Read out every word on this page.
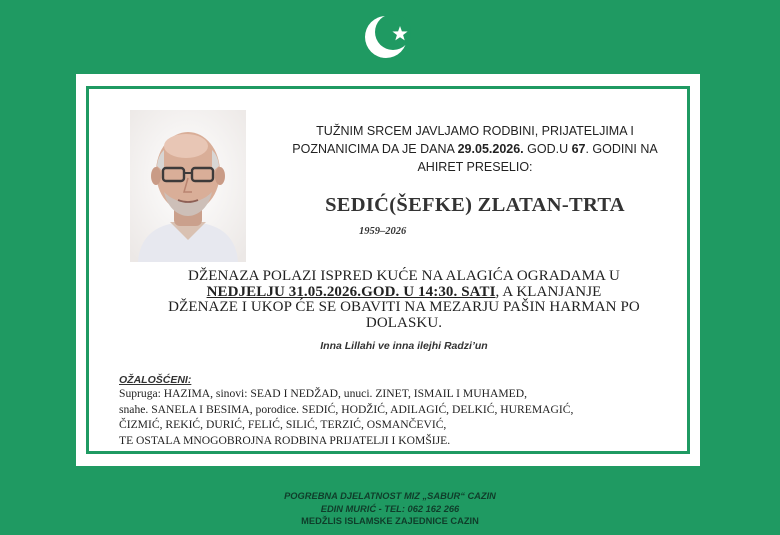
TUŽNIM SRCEM JAVLJAMO RODBINI, PRIJATELJIMA I
POZNANICIMA DA JE DANA 29.05.2026. GOD.U 67. GODINI NA
AHIRET PRESELIO:
SEDIĆ(ŠEFKE) ZLATAN-TRTA
1959–2026
DŽENAZA POLAZI ISPRED KUĆE NA ALAGIĆA OGRADAMA U
NEDJELJU 31.05.2026.GOD. U 14:30. SATI, A KLANJANJE
DŽENAZE I UKOP ĆE SE OBAVITI NA MEZARJU PAŠIN HARMAN PO
DOLASKU.
Inna Lillahi ve inna ilejhi Radzi’un
OŽALOŠĆENI:
Supruga: HAZIMA, sinovi: SEAD I NEDŽAD, unuci. ZINET, ISMAIL I MUHAMED,
snahe. SANELA I BESIMA, porodice. SEDIĆ, HODŽIĆ, ADILAGIĆ, DELKIĆ, HUREMAGIĆ,
ČIZMIĆ, REKIĆ, DURIĆ, FELIĆ, SILIĆ, TERZIĆ, OSMANČEVIĆ,
TE OSTALA MNOGOBROJNA RODBINA PRIJATELJI I KOMŠIJE.
POGREBNA DJELATNOST MIZ „SABUR“ CAZIN
EDIN MURIĆ - TEL: 062 162 266
MEDŽLIS ISLAMSKE ZAJEDNICE CAZIN
